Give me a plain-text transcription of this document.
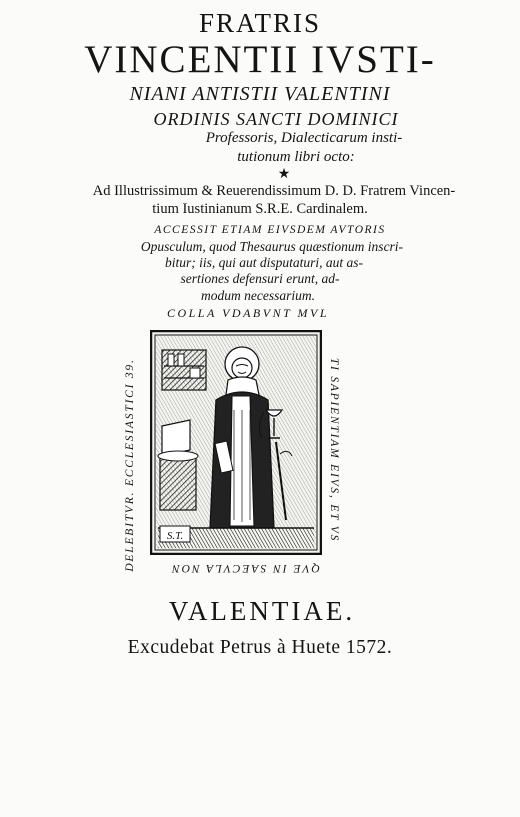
FRATRIS
VINCENTII IVSTI-
NIANI ANTISTII VALENTINI
ORDINIS SANCTI DOMINICI
Professoris, Dialecticarum insti-
tutionum libri octo:
★
Ad Illustrissimum & Reuerendissimum D. D. Fratrem Vincen-
tium Iustinianum S.R.E. Cardinalem.
ACCESSIT ETIAM EIVSDEM AVTORIS
Opusculum, quod Thesaurus quæstionum inscri-
bitur; iis, qui aut disputaturi, aut as-
sertiones defensuri erunt, ad-
modum necessarium.
COLLA VDABVNT MVL
TI SAPIENTIAM EIVS, ET VS
QVE IN SAECVLA NON
DELEBITVR. ECCLESIASTICI 39.	S.T.
VALENTIAE.
Excudebat Petrus à Huete 1572.
